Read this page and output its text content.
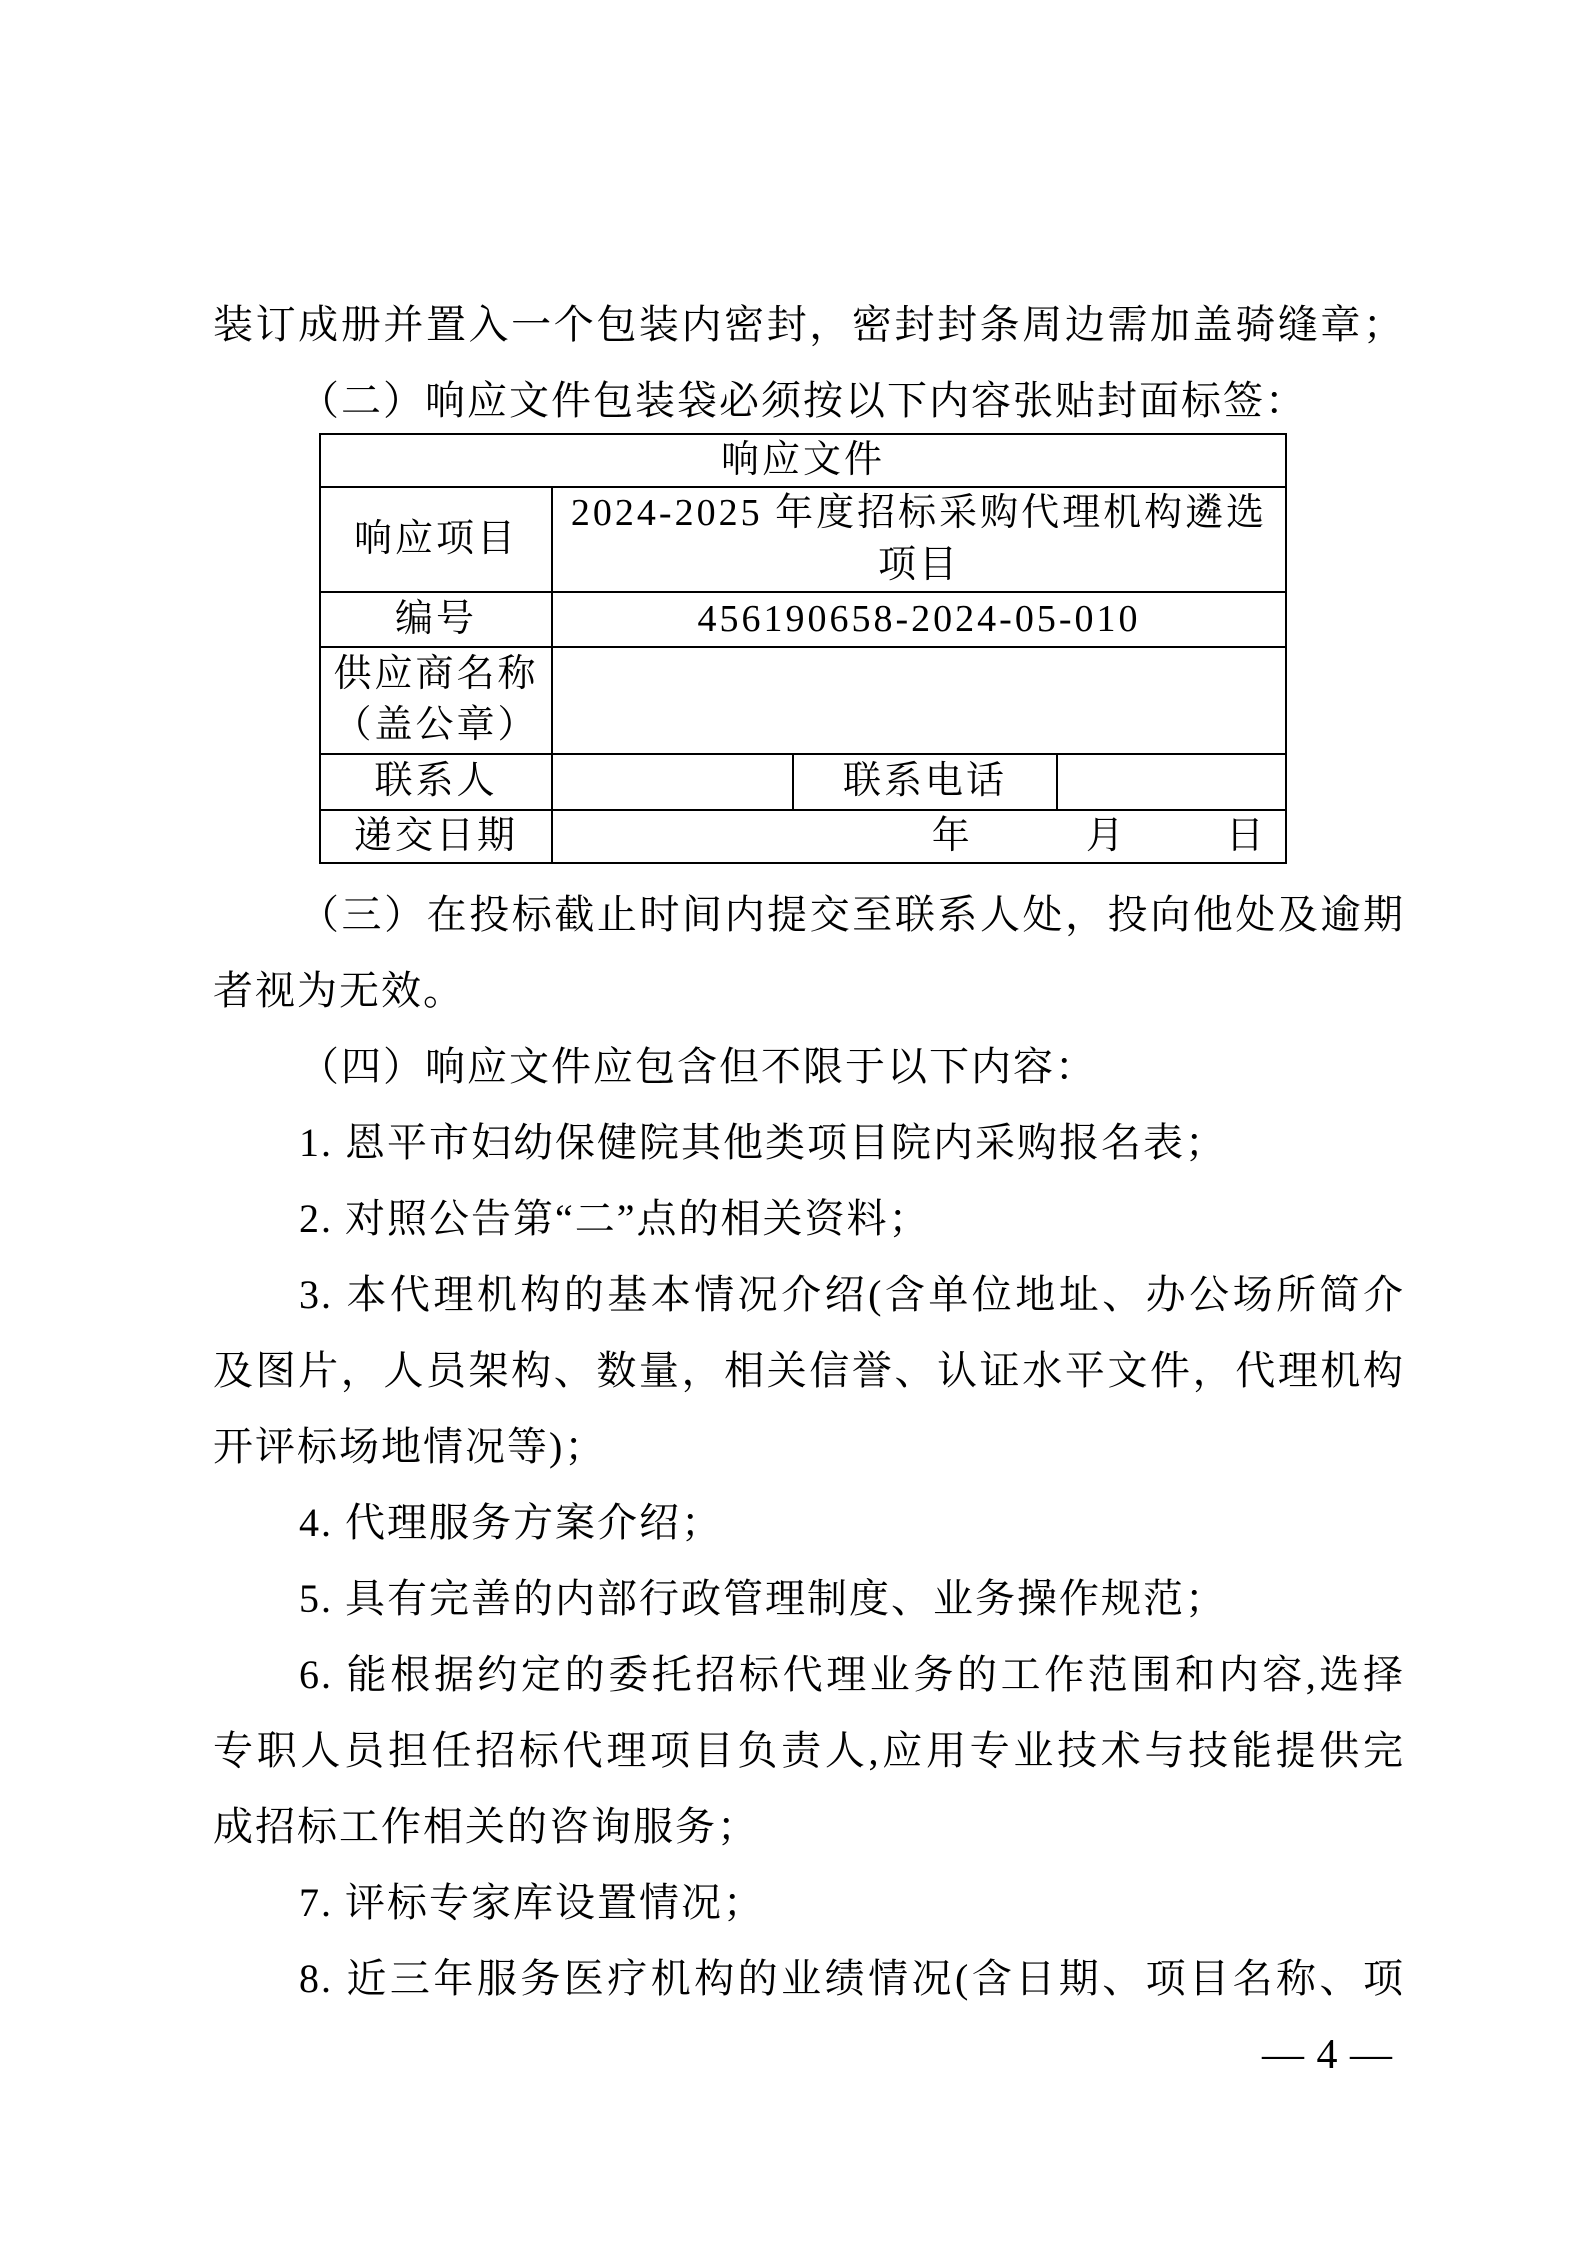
装订成册并置入一个包装内密封，密封封条周边需加盖骑缝章；

（二）响应文件包装袋必须按以下内容张贴封面标签：

响应文件			
响应项目	2024-2025 年度招标采购代理机构遴选项目		
编号	456190658-2024-05-010		

供应商名称
（盖公章）			

联系人		联系电话	
递交日期	年 月 日		

（三）在投标截止时间内提交至联系人处，投向他处及逾期

者视为无效。

（四）响应文件应包含但不限于以下内容：

1. 恩平市妇幼保健院其他类项目院内采购报名表；

2. 对照公告第“二”点的相关资料；

3. 本代理机构的基本情况介绍(含单位地址、办公场所简介

及图片，人员架构、数量，相关信誉、认证水平文件，代理机构

开评标场地情况等)；

4. 代理服务方案介绍；

5. 具有完善的内部行政管理制度、业务操作规范；

6. 能根据约定的委托招标代理业务的工作范围和内容,选择

专职人员担任招标代理项目负责人,应用专业技术与技能提供完

成招标工作相关的咨询服务；

7. 评标专家库设置情况；

8. 近三年服务医疗机构的业绩情况(含日期、项目名称、项

— 4 —
